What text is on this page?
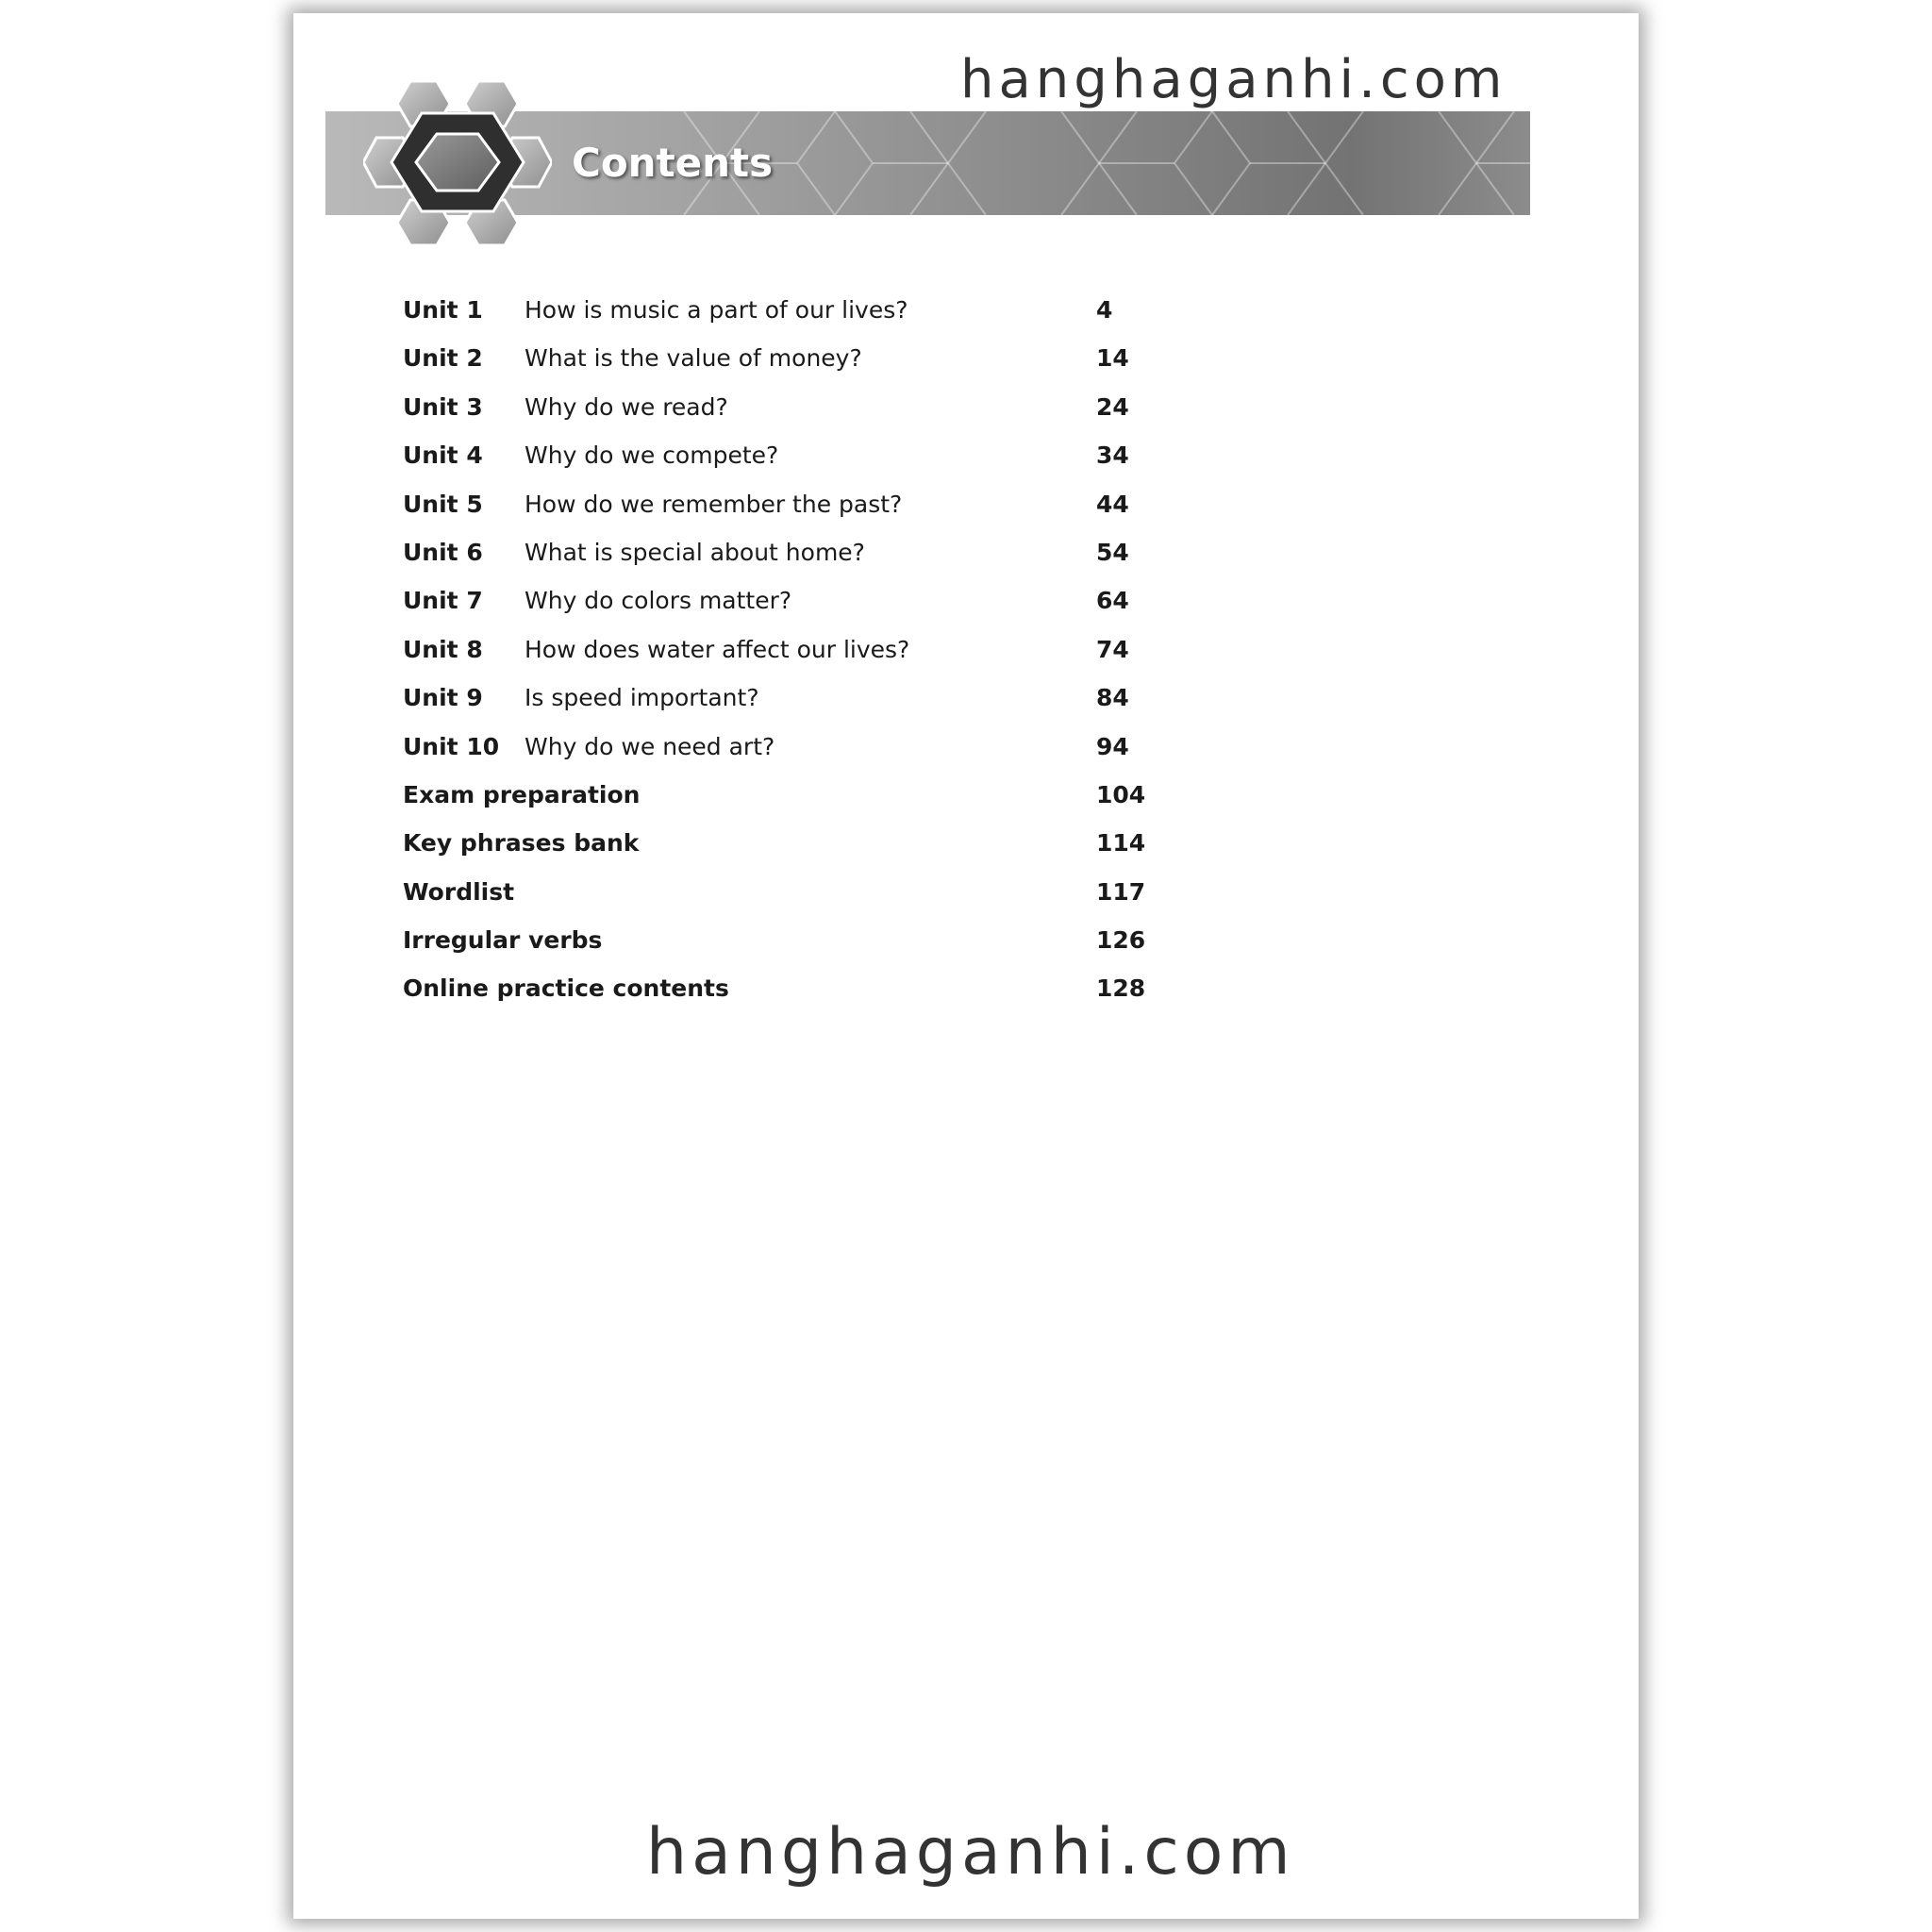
hanghaganhi.com
Contents
Unit 1 How is music a part of our lives?	4
Unit 2 What is the value of money?	14
Unit 3 Why do we read?	24
Unit 4 Why do we compete?	34
Unit 5 How do we remember the past?	44
Unit 6 What is special about home?	54
Unit 7 Why do colors matter?	64
Unit 8 How does water affect our lives?	74
Unit 9 Is speed important?	84
Unit 10 Why do we need art?	94
Exam preparation	104
Key phrases bank	114
Wordlist	117
Irregular verbs	126
Online practice contents	128
hanghaganhi.com
